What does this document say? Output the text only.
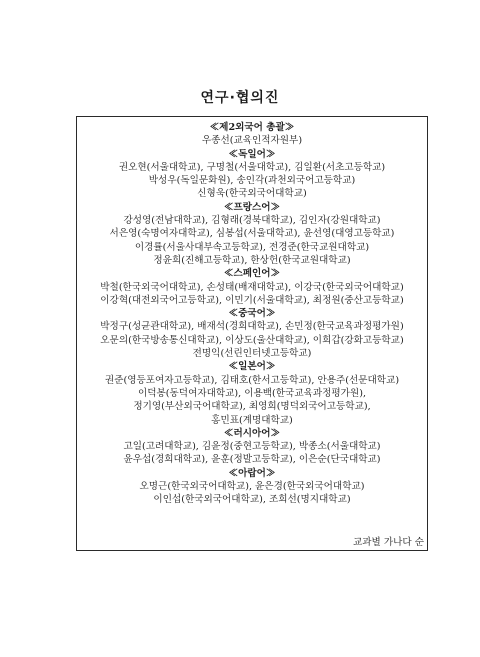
연구·협의진
≪제2외국어 총괄≫
우종선(교육인적자원부)
≪독일어≫
권오현(서울대학교), 구명철(서울대학교), 김일환(서초고등학교)
박성우(독일문화원), 송인각(과천외국어고등학교)
신형욱(한국외국어대학교)
≪프랑스어≫
강성영(전남대학교), 김형래(경북대학교), 김인자(강원대학교)
서은영(숙명여자대학교), 심봉섭(서울대학교), 윤선영(대영고등학교)
이경률(서울사대부속고등학교), 전경준(한국교원대학교)
정윤희(진해고등학교), 한상헌(한국교원대학교)
≪스페인어≫
박철(한국외국어대학교), 손성태(배재대학교), 이강국(한국외국어대학교)
이강혁(대전외국어고등학교), 이민기(서울대학교), 최정원(중산고등학교)
≪중국어≫
박정구(성균관대학교), 배재석(경희대학교), 손민정(한국교육과정평가원)
오문의(한국방송통신대학교), 이상도(울산대학교), 이희갑(강화고등학교)
전명익(선린인터넷고등학교)
≪일본어≫
권준(영등포여자고등학교), 김태호(한서고등학교), 안용주(선문대학교)
이덕봉(동덕여자대학교), 이용백(한국교육과정평가원),
정기영(부산외국어대학교), 최영희(명덕외국어고등학교),
홍민표(계명대학교)
≪러시아어≫
고일(고려대학교), 김윤정(중현고등학교), 박종소(서울대학교)
윤우섭(경희대학교), 윤훈(정발고등학교), 이은순(단국대학교)
≪아랍어≫
오명근(한국외국어대학교), 윤은경(한국외국어대학교)
이인섭(한국외국어대학교), 조희선(명지대학교)
교과별 가나다 순
